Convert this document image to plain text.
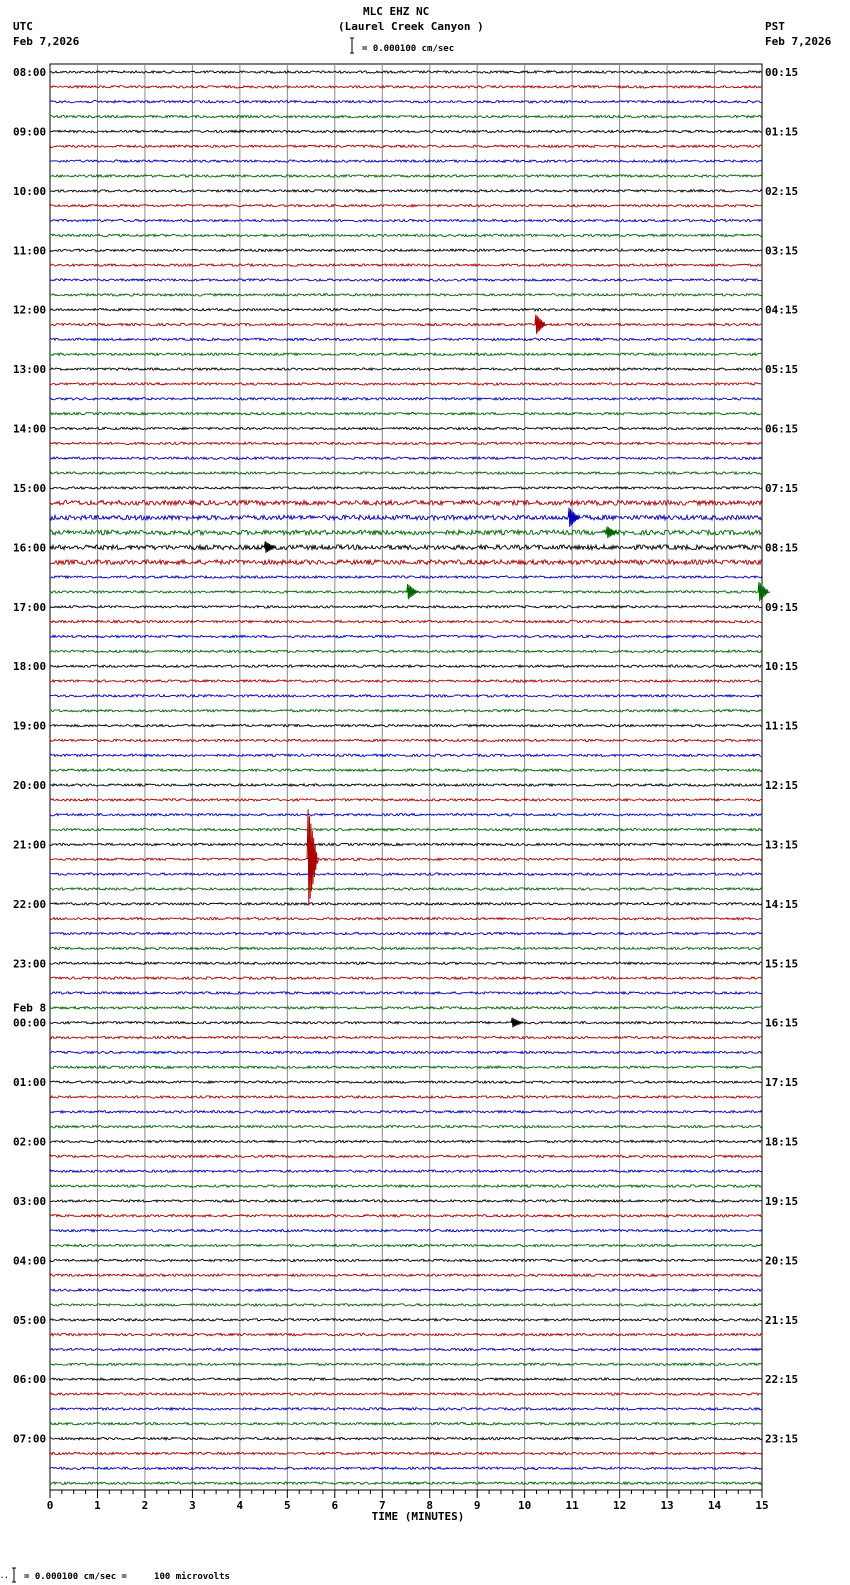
MLC EHZ NC
(Laurel Creek Canyon )
= 0.000100 cm/sec
UTC
Feb 7,2026
PST
Feb 7,2026
·· = 0.000100 cm/sec =     100 microvolts
0	1	2	3	4	5	6	7	8	9	10	11	12	13	14	15
08:00
09:00
10:00
11:00
12:00
13:00
14:00
15:00
16:00
17:00
18:00
19:00
20:00
21:00
22:00
23:00
00:00
01:00
02:00
03:00
04:00
05:00
06:00
07:00
00:15
01:15
02:15
03:15
04:15
05:15
06:15
07:15
08:15
09:15
10:15
11:15
12:15
13:15
14:15
15:15
16:15
17:15
18:15
19:15
20:15
21:15
22:15
23:15
Feb 8
TIME (MINUTES)
